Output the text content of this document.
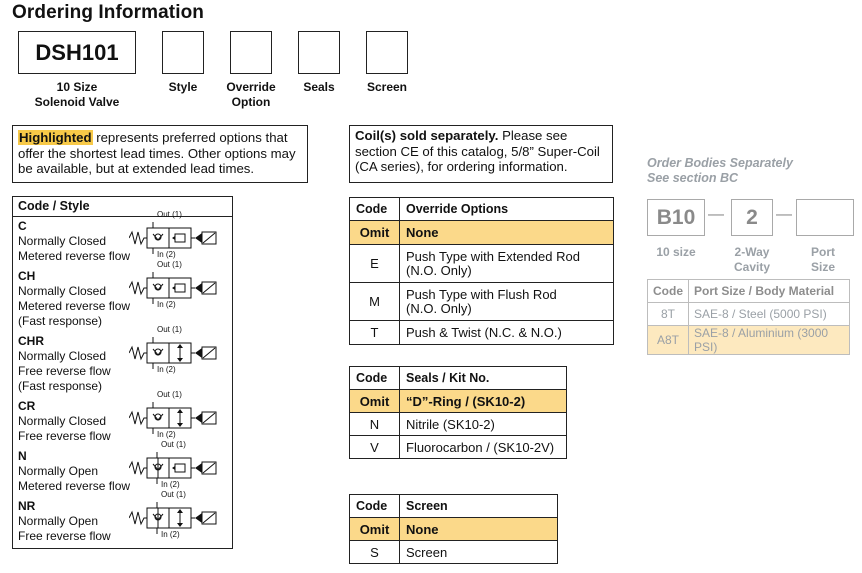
Ordering Information
DSH101
10 Size
Solenoid Valve
Style	Override
Option
Seals	Screen
Highlighted represents preferred options that offer the shortest lead times. Other options may be available, but at extended lead times.
Coil(s) sold separately. Please see section CE of this catalog, 5/8” Super-Coil (CA series), for ordering information.	Order Bodies Separately
See section BC
Code / Style
C
Normally Closed
Metered reverse flow
Out (1)
In (2)
CH
Normally Closed
Metered reverse flow
(Fast response)
Out (1)
In (2)
CHR
Normally Closed
Free reverse flow
(Fast response)
Out (1)
In (2)
CR
Normally Closed
Free reverse flow
Out (1)
In (2)
N
Normally Open
Metered reverse flow
Out (1)
In (2)
NR
Normally Open
Free reverse flow
Out (1)
In (2)
Code	Override Options
Omit	None
E	Push Type with Extended Rod
(N.O. Only)

M	Push Type with Flush Rod
(N.O. Only)

T	Push & Twist (N.C. & N.O.)
Code	Seals / Kit No.
Omit	“D”-Ring / (SK10-2)
N	Nitrile (SK10-2)
V	Fluorocarbon / (SK10-2V)
Code	Screen
Omit	None
S	Screen
B10 —	2	—
10 size	2-Way
Cavity
Port
Size
Code	Port Size / Body Material
8T	SAE-8 / Steel (5000 PSI)
A8T	SAE-8 / Aluminium (3000 PSI)
